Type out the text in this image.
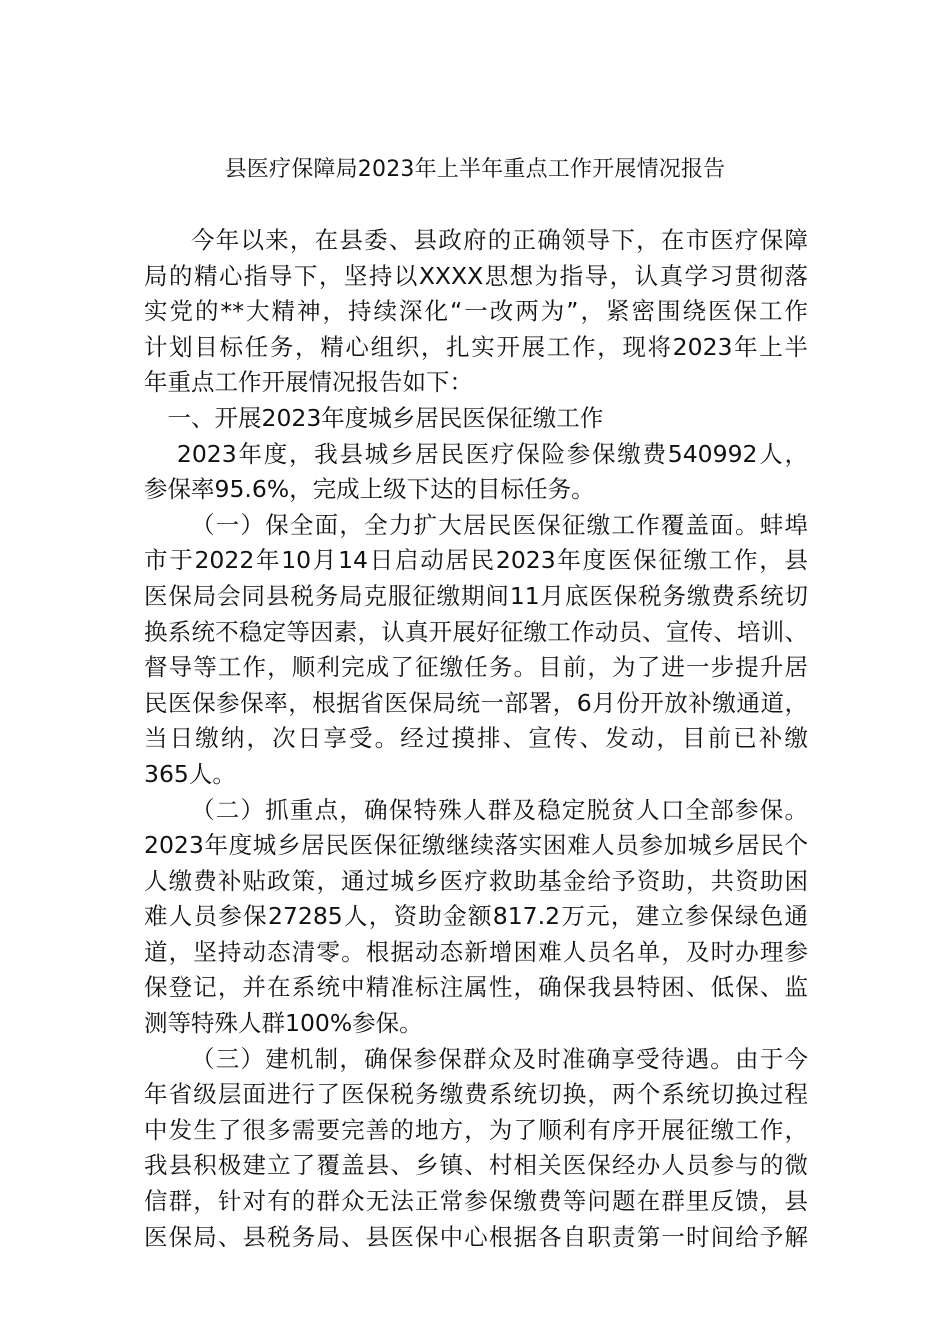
县医疗保障局2023年上半年重点工作开展情况报告
今年以来，在县委、县政府的正确领导下，在市医疗保障
局的精心指导下，坚持以XXXX思想为指导，认真学习贯彻落
实党的**大精神，持续深化“一改两为”，紧密围绕医保工作
计划目标任务，精心组织，扎实开展工作，现将2023年上半
年重点工作开展情况报告如下：
一、开展2023年度城乡居民医保征缴工作
2023年度，我县城乡居民医疗保险参保缴费540992人，
参保率95.6%，完成上级下达的目标任务。
（一）保全面，全力扩大居民医保征缴工作覆盖面。蚌埠
市于2022年10月14日启动居民2023年度医保征缴工作，县
医保局会同县税务局克服征缴期间11月底医保税务缴费系统切
换系统不稳定等因素，认真开展好征缴工作动员、宣传、培训、
督导等工作，顺利完成了征缴任务。目前，为了进一步提升居
民医保参保率，根据省医保局统一部署，6月份开放补缴通道，
当日缴纳，次日享受。经过摸排、宣传、发动，目前已补缴
365人。
（二）抓重点，确保特殊人群及稳定脱贫人口全部参保。
2023年度城乡居民医保征缴继续落实困难人员参加城乡居民个
人缴费补贴政策，通过城乡医疗救助基金给予资助，共资助困
难人员参保27285人，资助金额817.2万元，建立参保绿色通
道，坚持动态清零。根据动态新增困难人员名单，及时办理参
保登记，并在系统中精准标注属性，确保我县特困、低保、监
测等特殊人群100%参保。
（三）建机制，确保参保群众及时准确享受待遇。由于今
年省级层面进行了医保税务缴费系统切换，两个系统切换过程
中发生了很多需要完善的地方，为了顺利有序开展征缴工作，
我县积极建立了覆盖县、乡镇、村相关医保经办人员参与的微
信群，针对有的群众无法正常参保缴费等问题在群里反馈，县
医保局、县税务局、县医保中心根据各自职责第一时间给予解
